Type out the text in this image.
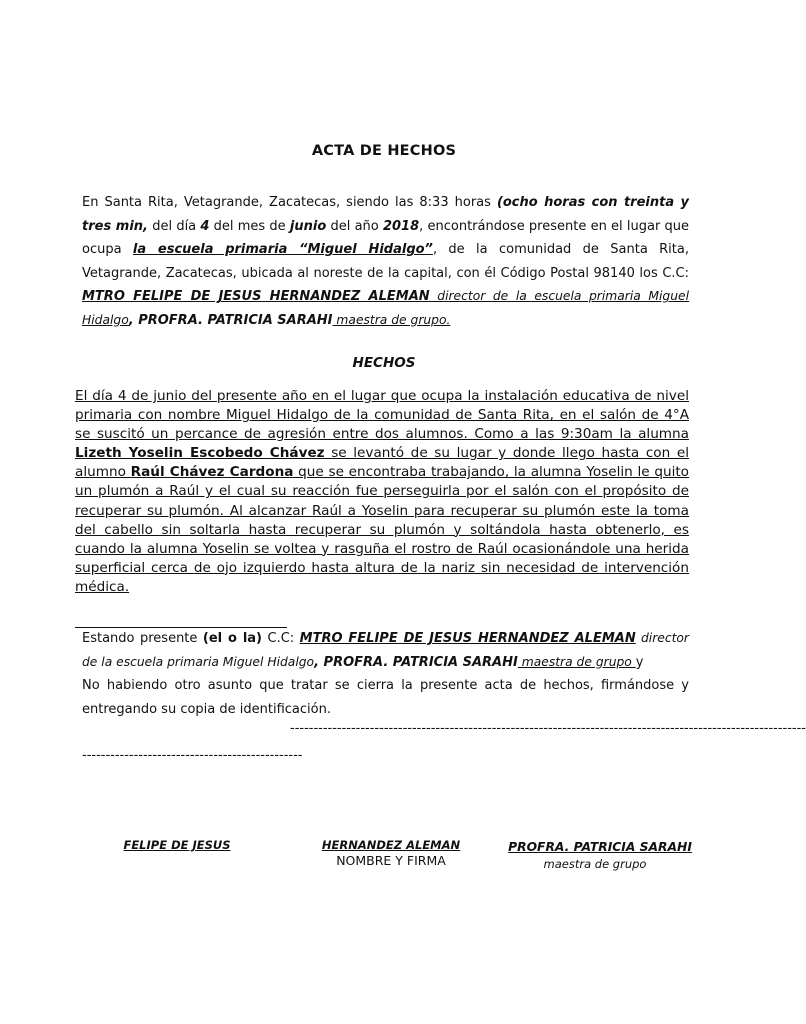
ACTA DE HECHOS
En Santa Rita, Vetagrande, Zacatecas, siendo las 8:33 horas (ocho horas con treinta y tres min, del día 4 del mes de junio del año 2018, encontrándose presente en el lugar que ocupa la escuela primaria “Miguel Hidalgo”, de la comunidad de Santa Rita, Vetagrande, Zacatecas, ubicada al noreste de la capital, con él Código Postal 98140 los C.C: MTRO FELIPE DE JESUS HERNANDEZ ALEMAN director de la escuela primaria Miguel Hidalgo, PROFRA. PATRICIA SARAHI maestra de grupo.
HECHOS
El día 4 de junio del presente año en el lugar que ocupa la instalación educativa de nivel primaria con nombre Miguel Hidalgo de la comunidad de Santa Rita, en el salón de 4°A se suscitó un percance de agresión entre dos alumnos. Como a las 9:30am la alumna Lizeth Yoselin Escobedo Chávez se levantó de su lugar y donde llego hasta con el alumno Raúl Chávez Cardona que se encontraba trabajando, la alumna Yoselin le quito un plumón a Raúl y el cual su reacción fue perseguirla por el salón con el propósito de recuperar su plumón. Al alcanzar Raúl a Yoselin para recuperar su plumón este la toma del cabello sin soltarla hasta recuperar su plumón y soltándola hasta obtenerlo, es cuando la alumna Yoselin se voltea y rasguña el rostro de Raúl ocasionándole una herida superficial cerca de ojo izquierdo hasta altura de la nariz sin necesidad de intervención médica.
Estando presente (el o la) C.C: MTRO FELIPE DE JESUS HERNANDEZ ALEMAN director de la escuela primaria Miguel Hidalgo, PROFRA. PATRICIA SARAHI maestra de grupo y
No habiendo otro asunto que tratar se cierra la presente acta de hechos, firmándose y entregando su copia de identificación.
--------------------------------------------------------------------------------------------------------------
-----------------------------------------------
FELIPE DE JESUS	HERNANDEZ ALEMAN
NOMBRE Y FIRMA
PROFRA. PATRICIA SARAHI
maestra de grupo
